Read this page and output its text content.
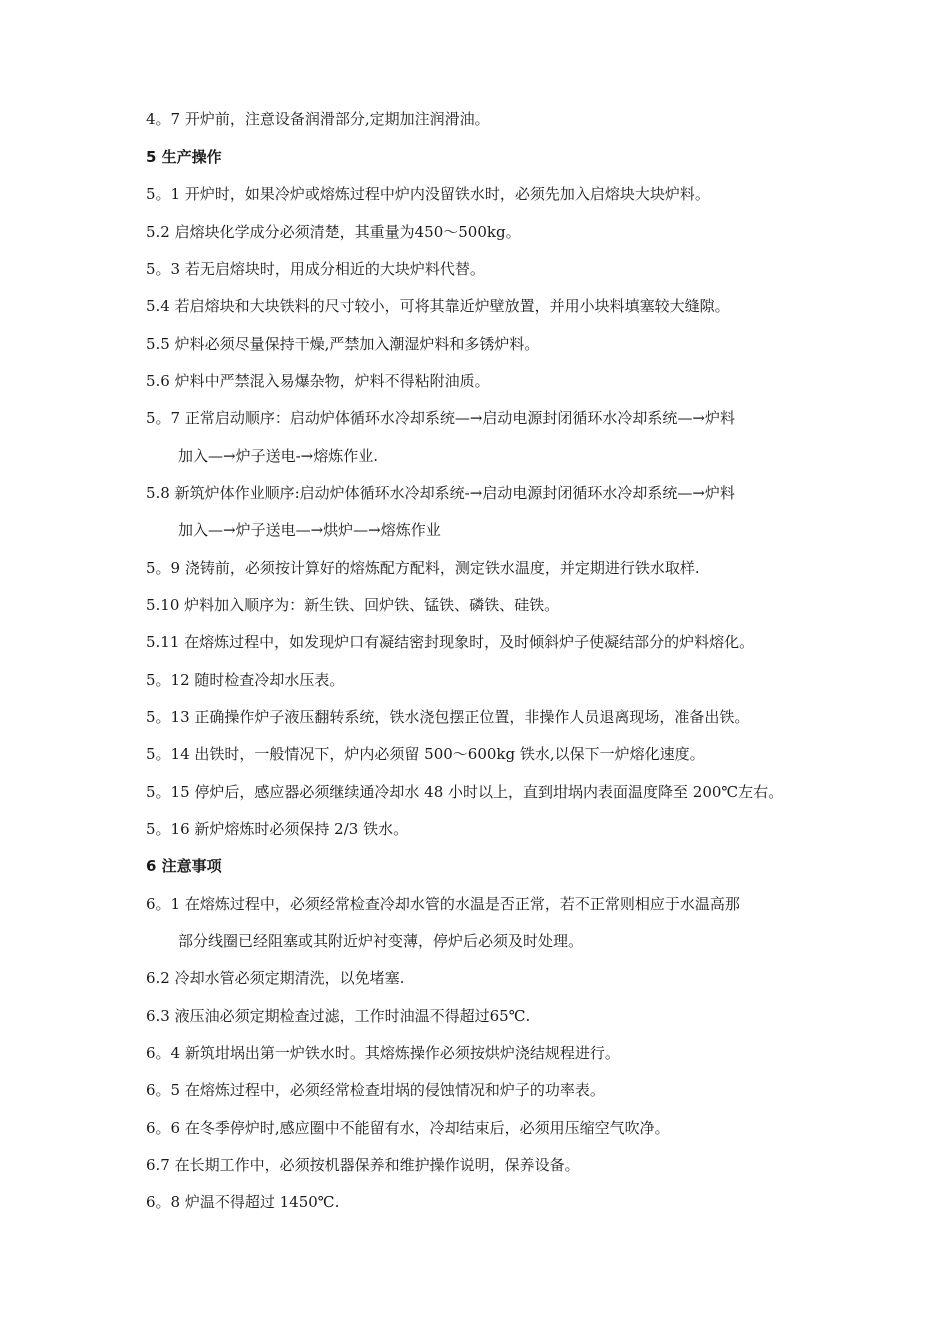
4。7 开炉前，注意设备润滑部分,定期加注润滑油。
5 生产操作
5。1 开炉时，如果冷炉或熔炼过程中炉内没留铁水时，必须先加入启熔块大块炉料。
5.2 启熔块化学成分必须清楚，其重量为450～500kg。
5。3 若无启熔块时，用成分相近的大块炉料代替。
5.4 若启熔块和大块铁料的尺寸较小，可将其靠近炉壁放置，并用小块料填塞较大缝隙。
5.5 炉料必须尽量保持干燥,严禁加入潮湿炉料和多锈炉料。
5.6 炉料中严禁混入易爆杂物，炉料不得粘附油质。
5。7 正常启动顺序：启动炉体循环水冷却系统—→启动电源封闭循环水冷却系统—→炉料
加入—→炉子送电-→熔炼作业.
5.8 新筑炉体作业顺序:启动炉体循环水冷却系统-→启动电源封闭循环水冷却系统—→炉料
加入—→炉子送电—→烘炉—→熔炼作业
5。9 浇铸前，必须按计算好的熔炼配方配料，测定铁水温度，并定期进行铁水取样.
5.10 炉料加入顺序为：新生铁、回炉铁、锰铁、磷铁、硅铁。
5.11 在熔炼过程中，如发现炉口有凝结密封现象时，及时倾斜炉子使凝结部分的炉料熔化。
5。12 随时检查冷却水压表。
5。13 正确操作炉子液压翻转系统，铁水浇包摆正位置，非操作人员退离现场，准备出铁。
5。14 出铁时，一般情况下，炉内必须留 500～600kg 铁水,以保下一炉熔化速度。
5。15 停炉后，感应器必须继续通冷却水 48 小时以上，直到坩埚内表面温度降至 200℃左右。
5。16 新炉熔炼时必须保持 2/3 铁水。
6 注意事项
6。1 在熔炼过程中，必须经常检查冷却水管的水温是否正常，若不正常则相应于水温高那
部分线圈已经阻塞或其附近炉衬变薄，停炉后必须及时处理。
6.2 冷却水管必须定期清洗，以免堵塞.
6.3 液压油必须定期检查过滤，工作时油温不得超过65℃.
6。4 新筑坩埚出第一炉铁水时。其熔炼操作必须按烘炉浇结规程进行。
6。5 在熔炼过程中，必须经常检查坩埚的侵蚀情况和炉子的功率表。
6。6 在冬季停炉时,感应圈中不能留有水，冷却结束后，必须用压缩空气吹净。
6.7 在长期工作中，必须按机器保养和维护操作说明，保养设备。
6。8 炉温不得超过 1450℃.
